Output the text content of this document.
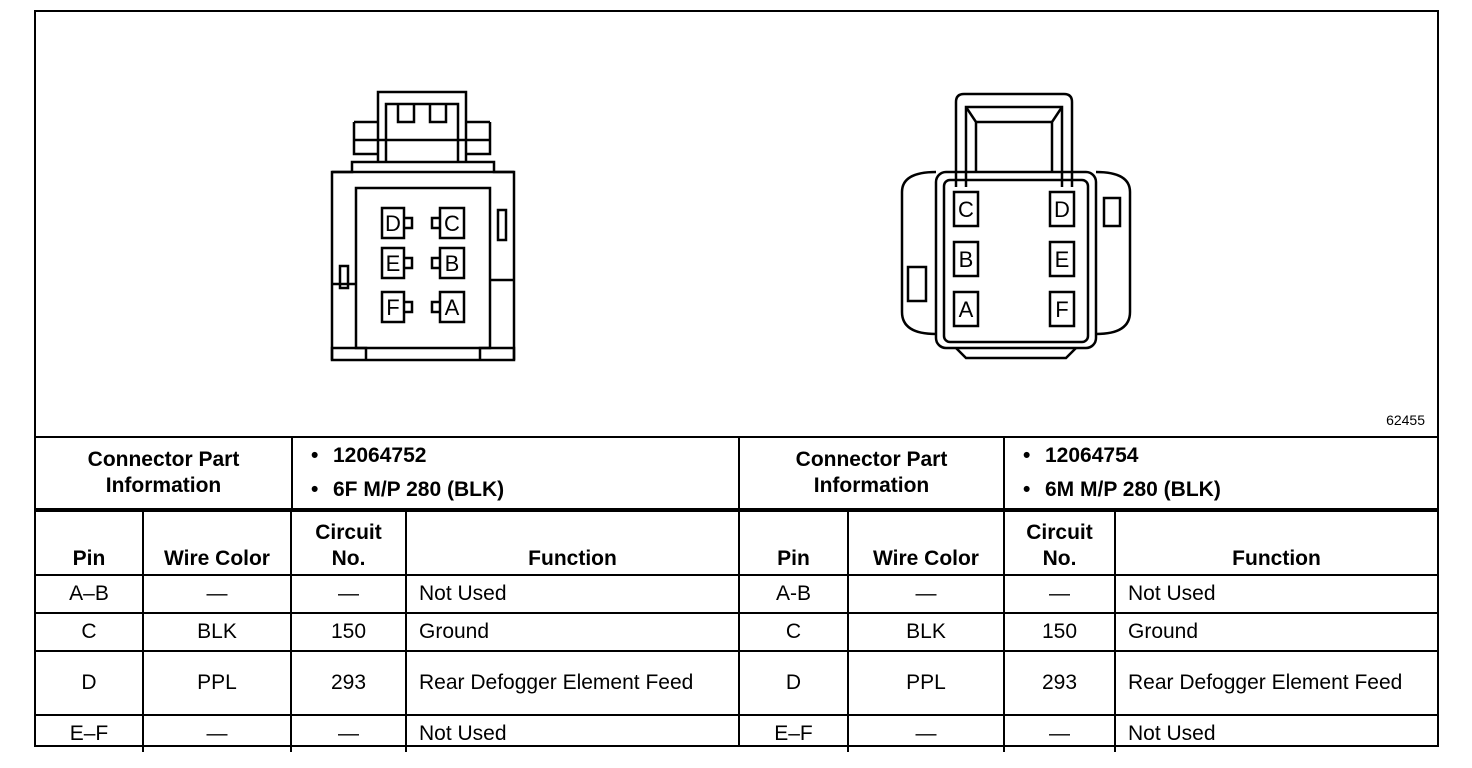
D C
E B
F A
C	D
B	E
A	F
62455
Connector Part Information	
• 12064752
• 6F M/P 280 (BLK)
Pin	Wire Color	Circuit No.	Function
A–B	—	—	Not Used
C	BLK	150	Ground
D	PPL	293	Rear Defogger Element Feed
E–F	—	—	Not Used
Connector Part Information	
• 12064754
• 6M M/P 280 (BLK)
Pin	Wire Color	Circuit No.	Function
A-B	—	—	Not Used
C	BLK	150	Ground
D	PPL	293	Rear Defogger Element Feed
E–F	—	—	Not Used
